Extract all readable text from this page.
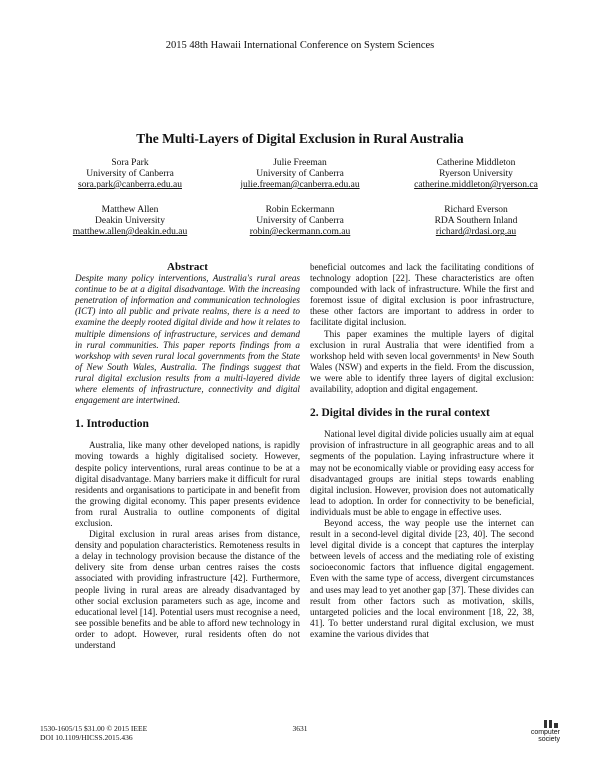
2015 48th Hawaii International Conference on System Sciences
The Multi-Layers of Digital Exclusion in Rural Australia
Sora Park
University of Canberra
sora.park@canberra.edu.au
Julie Freeman
University of Canberra
julie.freeman@canberra.edu.au
Catherine Middleton
Ryerson University
catherine.middleton@ryerson.ca
Matthew Allen
Deakin University
matthew.allen@deakin.edu.au
Robin Eckermann
University of Canberra
robin@eckermann.com.au
Richard Everson
RDA Southern Inland
richard@rdasi.org.au
Abstract

Despite many policy interventions, Australia's rural areas continue to be at a digital disadvantage. With the increasing penetration of information and communication technologies (ICT) into all public and private realms, there is a need to examine the deeply rooted digital divide and how it relates to multiple dimensions of infrastructure, services and demand in rural communities. This paper reports findings from a workshop with seven rural local governments from the State of New South Wales, Australia. The findings suggest that rural digital exclusion results from a multi-layered divide where elements of infrastructure, connectivity and digital engagement are intertwined.

1. Introduction

Australia, like many other developed nations, is rapidly moving towards a highly digitalised society. However, despite policy interventions, rural areas continue to be at a digital disadvantage. Many barriers make it difficult for rural residents and organisations to participate in and benefit from the growing digital economy. This paper presents evidence from rural Australia to outline components of digital exclusion.

Digital exclusion in rural areas arises from distance, density and population characteristics. Remoteness results in a delay in technology provision because the distance of the delivery site from dense urban centres raises the costs associated with providing infrastructure [42]. Furthermore, people living in rural areas are already disadvantaged by other social exclusion parameters such as age, income and educational level [14]. Potential users must recognise a need, see possible benefits and be able to afford new technology in order to adopt. However, rural residents often do not understand

beneficial outcomes and lack the facilitating conditions of technology adoption [22]. These characteristics are often compounded with lack of infrastructure. While the first and foremost issue of digital exclusion is poor infrastructure, these other factors are important to address in order to facilitate digital inclusion.

This paper examines the multiple layers of digital exclusion in rural Australia that were identified from a workshop held with seven local governments¹ in New South Wales (NSW) and experts in the field. From the discussion, we were able to identify three layers of digital exclusion: availability, adoption and digital engagement.

2. Digital divides in the rural context

National level digital divide policies usually aim at equal provision of infrastructure in all geographic areas and to all segments of the population. Laying infrastructure where it may not be economically viable or providing easy access for disadvantaged groups are initial steps towards enabling digital inclusion. However, provision does not automatically lead to adoption. In order for connectivity to be beneficial, individuals must be able to engage in effective uses.

Beyond access, the way people use the internet can result in a second-level digital divide [23, 40]. The second level digital divide is a concept that captures the interplay between levels of access and the mediating role of existing socioeconomic factors that influence digital engagement. Even with the same type of access, divergent circumstances and uses may lead to yet another gap [37]. These divides can result from other factors such as motivation, skills, untargeted policies and the local environment [18, 22, 38, 41]. To better understand rural digital exclusion, we must examine the various divides that

1530-1605/15 $31.00 © 2015 IEEE
DOI 10.1109/HICSS.2015.436
3631	computer
society
